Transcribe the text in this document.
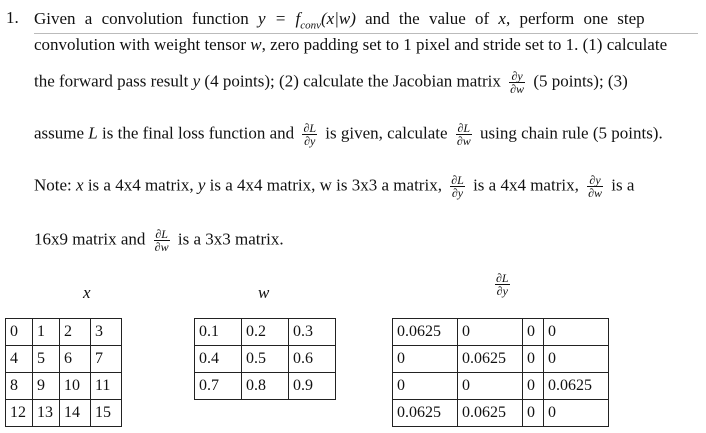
1. Given a convolution function $y = f_{conv}(x|w)$ and the value of x, perform one step
convolution with weight tensor w, zero padding set to 1 pixel and stride set to 1. (1) calculate
the forward pass result y (4 points); (2) calculate the Jacobian matrix $\frac{\partial y}{\partial w} (5$ points); (3)
assume L is the final loss function and $\frac{\partial L}{\partial y}$ is given, calculate $\frac{\partial L}{\partial w}$ using chain rule (5 points).
Note: x is a 4x4 matrix, y is a 4x4 matrix, w is 3x3 a matrix, $\frac{\partial L}{\partial y}$ is a 4x4 matrix, $\frac{\partial y}{\partial w}$ is a
16x9 matrix and $\frac{\partial L}{\partial w}$ is a 3x3 matrix.
x	w
∂L
∂y
0	1	2	3
4	5	6	7
8	9	10	11
12	13	14	15
0.1	0.2	0.3
0.4	0.5	0.6
0.7	0.8	0.9
0.0625	0	0	0
0	0.0625	0	0
0	0	0	0.0625
0.0625	0.0625	0	0
